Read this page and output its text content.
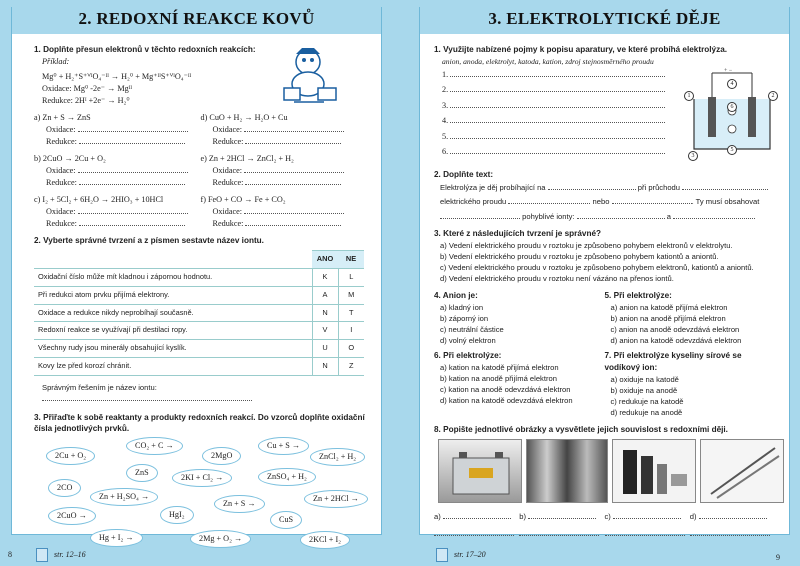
2. REDOXNÍ REAKCE KOVŮ
1. Doplňte přesun elektronů v těchto redoxních reakcích:
Příklad:
Mg⁰ + H₂⁺S⁺ⱽᴵO₄⁻ᴵᴵ → H₂⁰ + Mg⁺ᴵᴵS⁺ⱽᴵO₄⁻ᴵᴵ
Oxidace: Mg⁰ -2e⁻ → Mgᴵᴵ
Redukce: 2Hᴵ +2e⁻ → H₂⁰
a) Zn + S → ZnS
Oxidace:
Redukce:
b) 2CuO → 2Cu + O₂
Oxidace:
Redukce:
c) I₂ + 5Cl₂ + 6H₂O → 2HIO₃ + 10HCl
Oxidace:
Redukce:
d) CuO + H₂ → H₂O + Cu
Oxidace:
Redukce:
e) Zn + 2HCl → ZnCl₂ + H₂
Oxidace:
Redukce:
f) FeO + CO → Fe + CO₂
Oxidace:
Redukce:
2. Vyberte správné tvrzení a z písmen sestavte název iontu.
	ANO	NE
Oxidační číslo může mít kladnou i zápornou hodnotu.	K	L
Při redukci atom prvku přijímá elektrony.	A	M
Oxidace a redukce nikdy neprobíhají současně.	N	T
Redoxní reakce se využívají při destilaci ropy.	V	I
Všechny rudy jsou minerály obsahující kyslík.	U	O
Kovy lze před korozí chránit.	N	Z
Správným řešením je název iontu:
3. Přiřaďte k sobě reaktanty a produkty redoxních reakcí. Do vzorců doplňte oxidační čísla jednotlivých prvků.
CO₂ + C →	Cu + S →
2Cu + O₂	2MgO	ZnCl₂ + H₂
ZnS
2KI + Cl₂ →	ZnSO₄ + H₂
2CO
Zn + H₂SO₄ →
Zn + S →
Zn + 2HCl →
2CuO →	HgI₂
CuS
Hg + I₂ →	2Mg + O₂ →	2KCl + I₂
8	str. 12–16
3. ELEKTROLYTICKÉ DĚJE
1. Využijte nabízené pojmy k popisu aparatury, ve které probíhá elektrolýza.
anion, anoda, elektrolyt, katoda, kation, zdroj stejnosměrného proudu
1.
2.
3.
4.
5.
6.
+ −
1	2
3
4
5
6
2. Doplňte text:
Elektrolýza je děj probíhající na	při průchodu
elektrického proudu	nebo	. Ty musí obsahovat
pohyblivé ionty:	a
3. Které z následujících tvrzení je správné?
a) Vedení elektrického proudu v roztoku je způsobeno pohybem elektronů v elektrolytu.
b) Vedení elektrického proudu v roztoku je způsobeno pohybem kationtů a aniontů.
c) Vedení elektrického proudu v roztoku je způsobeno pohybem elektronů, kationtů a aniontů.
d) Vedení elektrického proudu v roztoku není vázáno na přenos iontů.
4. Anion je:
a) kladný ion
b) záporný ion
c) neutrální částice
d) volný elektron
5. Při elektrolýze:
a) anion na katodě přijímá elektron
b) anion na anodě přijímá elektron
c) anion na anodě odevzdává elektron
d) anion na katodě odevzdává elektron
6. Při elektrolýze:
a) kation na katodě přijímá elektron
b) kation na anodě přijímá elektron
c) kation na anodě odevzdává elektron
d) kation na katodě odevzdává elektron
7. Při elektrolýze kyseliny sírové se vodíkový ion:
a) oxiduje na katodě
b) oxiduje na anodě
c) redukuje na katodě
d) redukuje na anodě
8. Popište jednotlivé obrázky a vysvětlete jejich souvislost s redoxními ději.
a)	b)	c)	d)
str. 17–20	9
